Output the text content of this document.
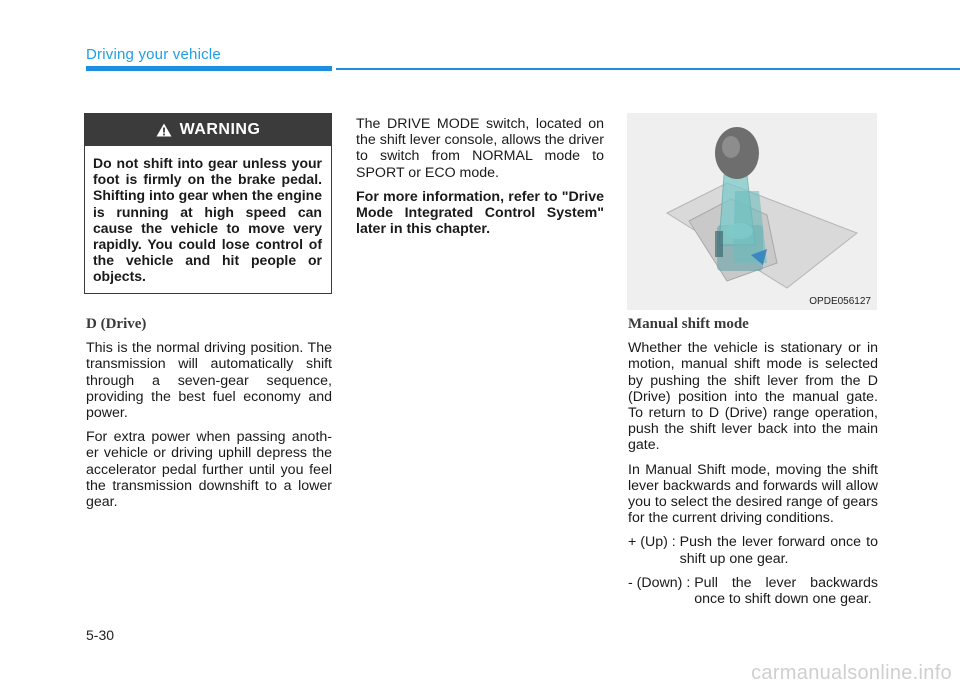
Driving your vehicle
WARNING
Do not shift into gear unless your foot is firmly on the brake pedal. Shifting into gear when the engine is running at high speed can cause the vehicle to move very rapidly. You could lose control of the vehicle and hit people or objects.
D (Drive)

This is the normal driving position. The transmission will automatically shift through a seven-gear sequence, providing the best fuel economy and power.

For extra power when passing anoth- er vehicle or driving uphill depress the accelerator pedal further until you feel the transmission downshift to a lower gear.

The DRIVE MODE switch, located on the shift lever console, allows the driver to switch from NORMAL mode to SPORT or ECO mode.

For more information, refer to "Drive Mode Integrated Control System" later in this chapter.

OPDE056127
Manual shift mode

Whether the vehicle is stationary or in motion, manual shift mode is selected by pushing the shift lever from the D (Drive) position into the manual gate. To return to D (Drive) range operation, push the shift lever back into the main gate.

In Manual Shift mode, moving the shift lever backwards and forwards will allow you to select the desired range of gears for the current driving conditions.

+ (Up) : Push the lever forward once to shift up one gear.
- (Down) : Pull the lever backwards once to shift down one gear.
5-30
carmanualsonline.info
